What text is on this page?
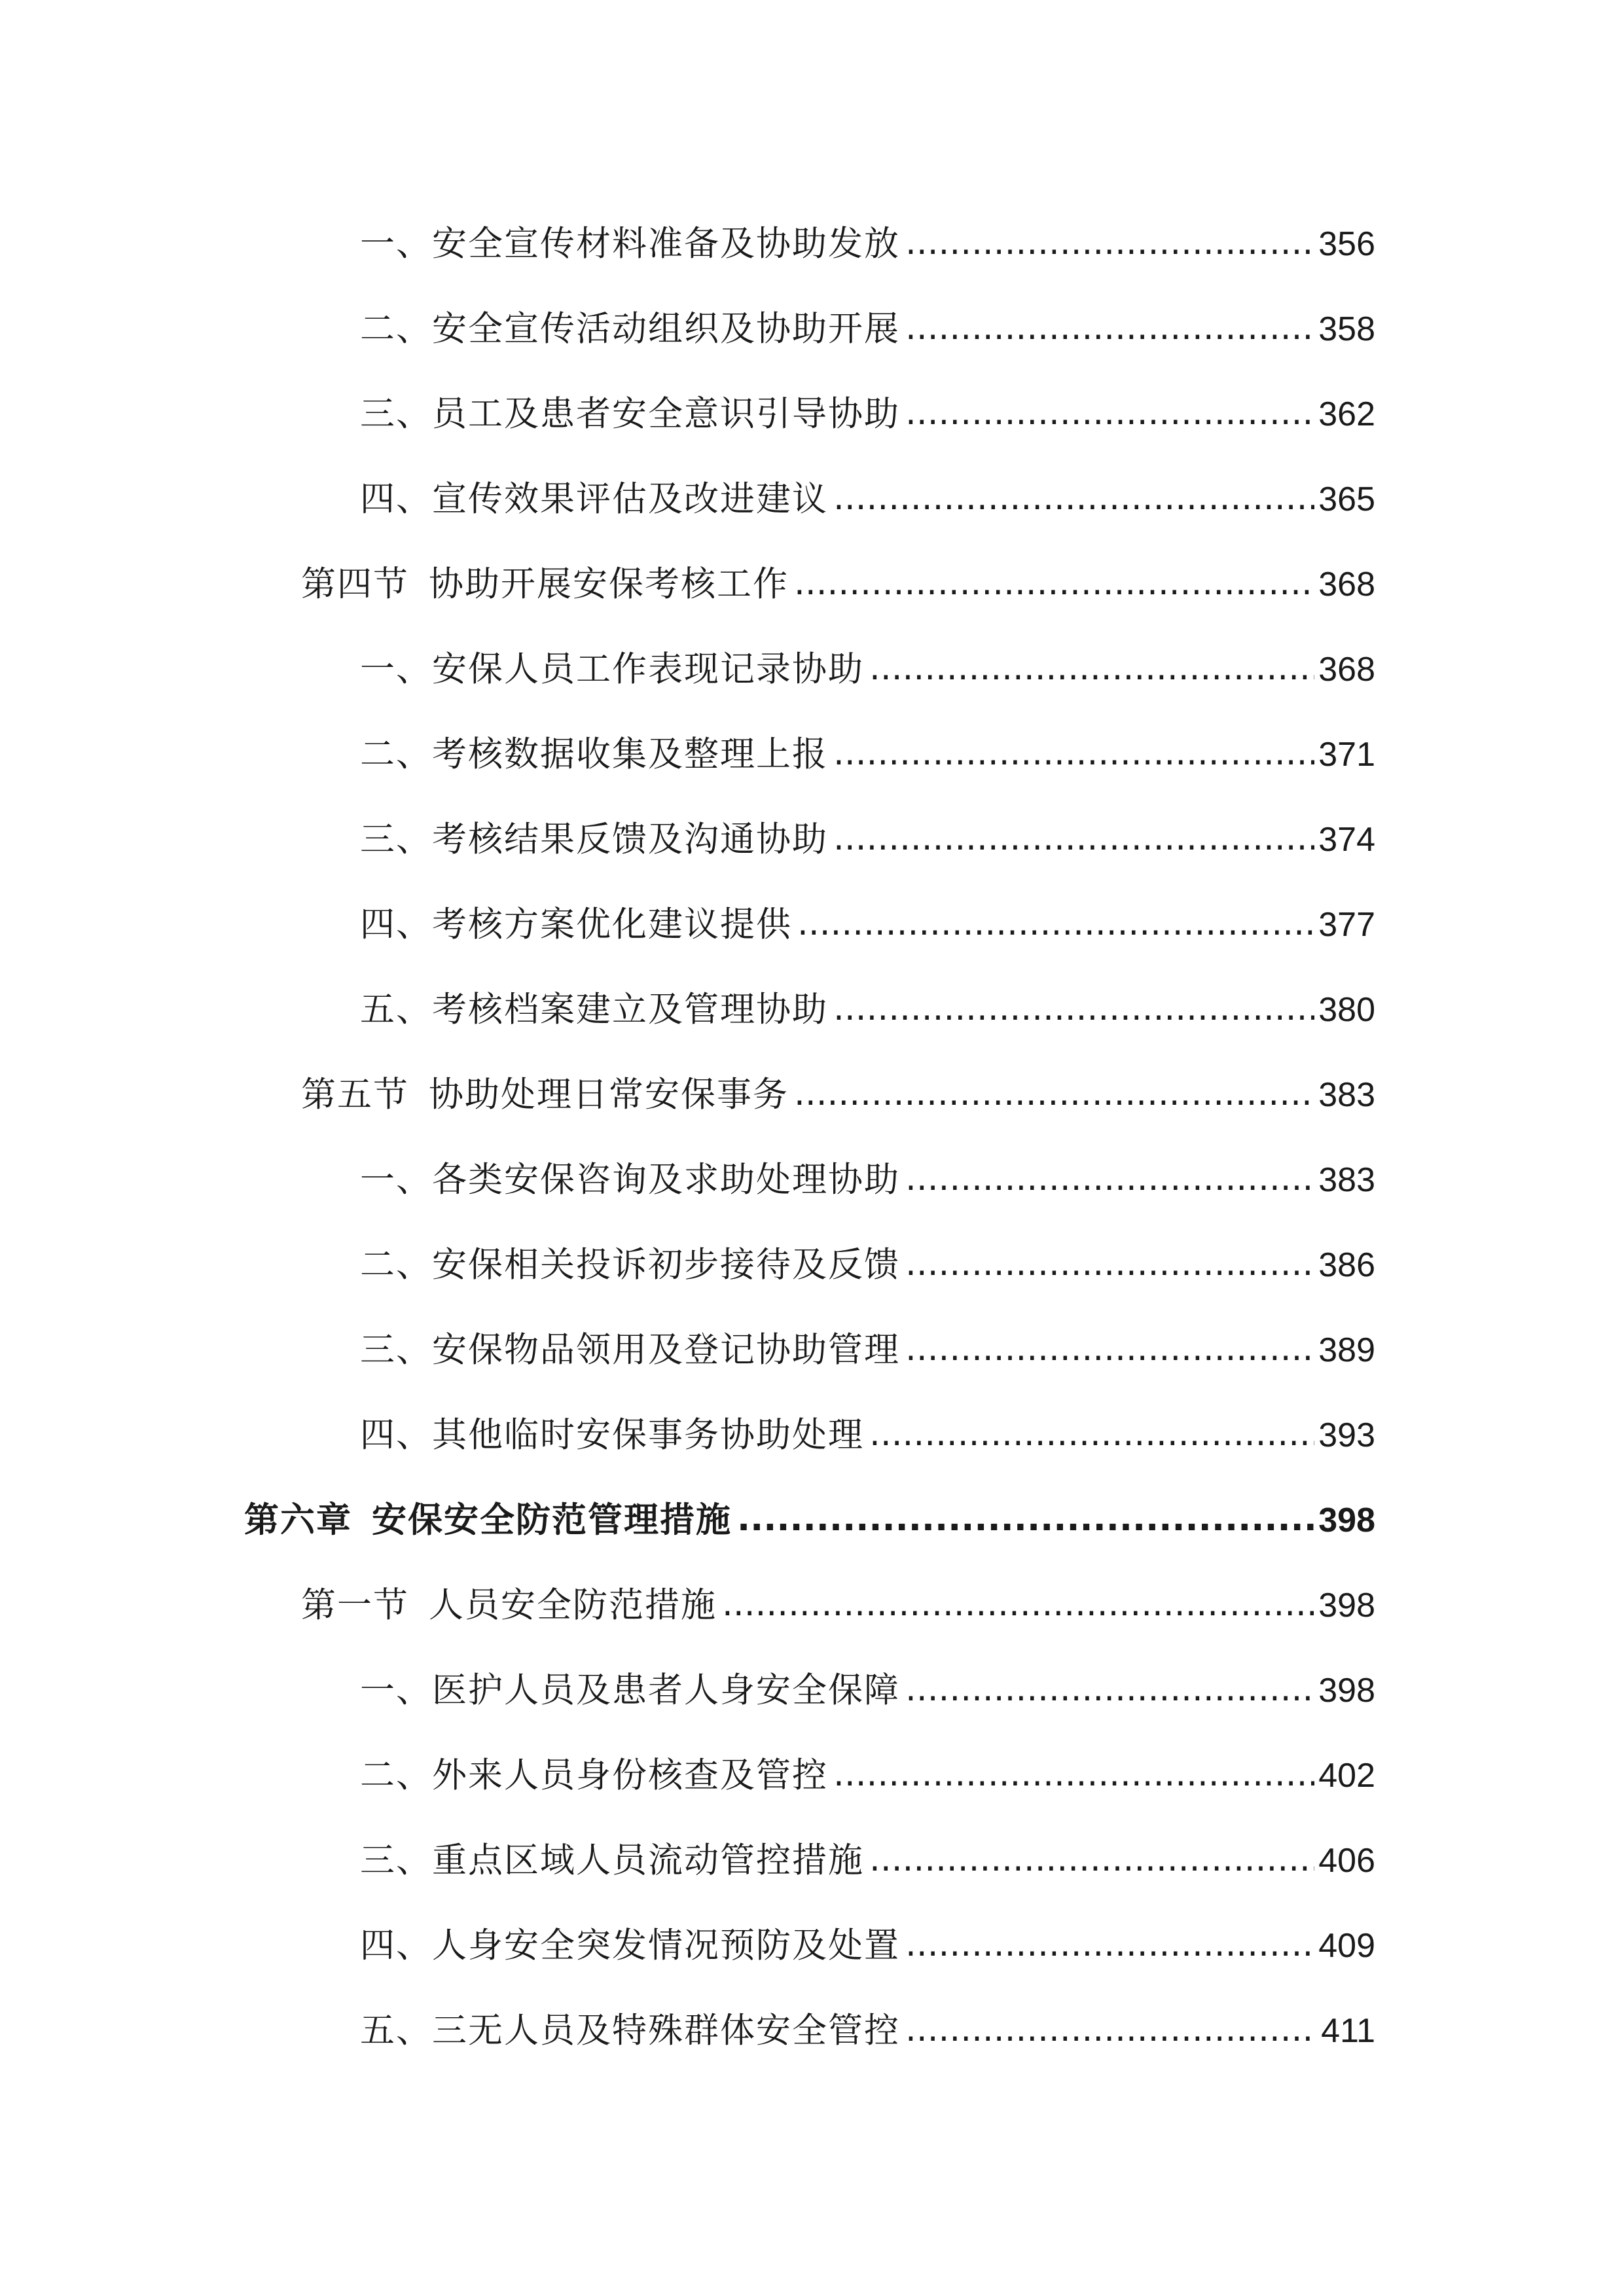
一、安全宣传材料准备及协助发放 .....	356
二、安全宣传活动组织及协助开展 .....	358
三、员工及患者安全意识引导协助 .....	362
四、宣传效果评估及改进建议 .....	365
第四节 协助开展安保考核工作 .....	368
一、安保人员工作表现记录协助 .....	368
二、考核数据收集及整理上报 .....	371
三、考核结果反馈及沟通协助 .....	374
四、考核方案优化建议提供 .....	377
五、考核档案建立及管理协助 .....	380
第五节 协助处理日常安保事务 .....	383
一、各类安保咨询及求助处理协助 .....	383
二、安保相关投诉初步接待及反馈 .....	386
三、安保物品领用及登记协助管理 .....	389
四、其他临时安保事务协助处理 .....	393
第六章 安保安全防范管理措施 .....	398
第一节 人员安全防范措施 .....	398
一、医护人员及患者人身安全保障 .....	398
二、外来人员身份核查及管控 .....	402
三、重点区域人员流动管控措施 .....	406
四、人身安全突发情况预防及处置 .....	409
五、三无人员及特殊群体安全管控 .....	411
